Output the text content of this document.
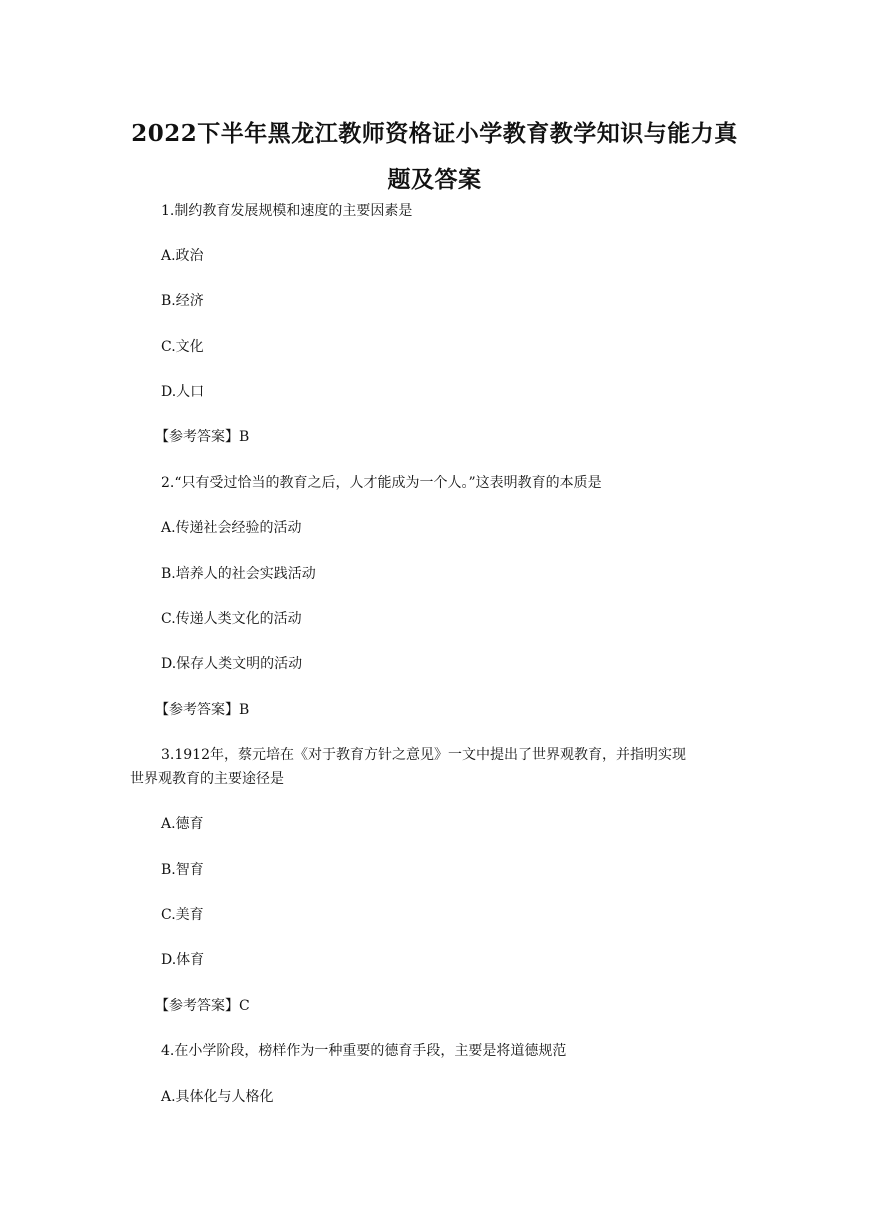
2022下半年黑龙江教师资格证小学教育教学知识与能力真
题及答案
1.制约教育发展规模和速度的主要因素是
A.政治
B.经济
C.文化
D.人口
【参考答案】B
2.“只有受过恰当的教育之后，人才能成为一个人。”这表明教育的本质是
A.传递社会经验的活动
B.培养人的社会实践活动
C.传递人类文化的活动
D.保存人类文明的活动
【参考答案】B
3.1912年，蔡元培在《对于教育方针之意见》一文中提出了世界观教育，并指明实现
世界观教育的主要途径是
A.德育
B.智育
C.美育
D.体育
【参考答案】C
4.在小学阶段，榜样作为一种重要的德育手段，主要是将道德规范
A.具体化与人格化
